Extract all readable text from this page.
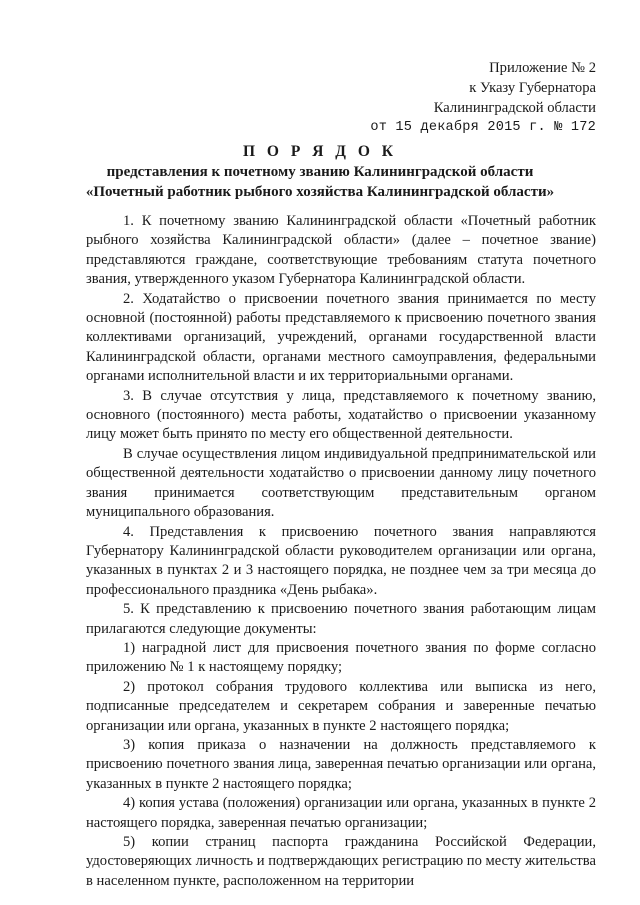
Приложение № 2
к Указу Губернатора
Калининградской области
от 15 декабря 2015 г. № 172
П О Р Я Д О К
представления к почетному званию Калининградской области
«Почетный работник рыбного хозяйства Калининградской области»

1. К почетному званию Калининградской области «Почетный работник рыбного хозяйства Калининградской области» (далее – почетное звание) представляются граждане, соответствующие требованиям статута почетного звания, утвержденного указом Губернатора Калининградской области.

2. Ходатайство о присвоении почетного звания принимается по месту основной (постоянной) работы представляемого к присвоению почетного звания коллективами организаций, учреждений, органами государственной власти Калининградской области, органами местного самоуправления, федеральными органами исполнительной власти и их территориальными органами.

3. В случае отсутствия у лица, представляемого к почетному званию, основного (постоянного) места работы, ходатайство о присвоении указанному лицу может быть принято по месту его общественной деятельности.

В случае осуществления лицом индивидуальной предпринимательской или общественной деятельности ходатайство о присвоении данному лицу почетного звания принимается соответствующим представительным органом муниципального образования.

4. Представления к присвоению почетного звания направляются Губернатору Калининградской области руководителем организации или органа, указанных в пунктах 2 и 3 настоящего порядка, не позднее чем за три месяца до профессионального праздника «День рыбака».

5. К представлению к присвоению почетного звания работающим лицам прилагаются следующие документы:

1) наградной лист для присвоения почетного звания по форме согласно приложению № 1 к настоящему порядку;

2) протокол собрания трудового коллектива или выписка из него, подписанные председателем и секретарем собрания и заверенные печатью организации или органа, указанных в пункте 2 настоящего порядка;

3) копия приказа о назначении на должность представляемого к присвоению почетного звания лица, заверенная печатью организации или органа, указанных в пункте 2 настоящего порядка;

4) копия устава (положения) организации или органа, указанных в пункте 2 настоящего порядка, заверенная печатью организации;

5) копии страниц паспорта гражданина Российской Федерации, удостоверяющих личность и подтверждающих регистрацию по месту жительства в населенном пункте, расположенном на территории
